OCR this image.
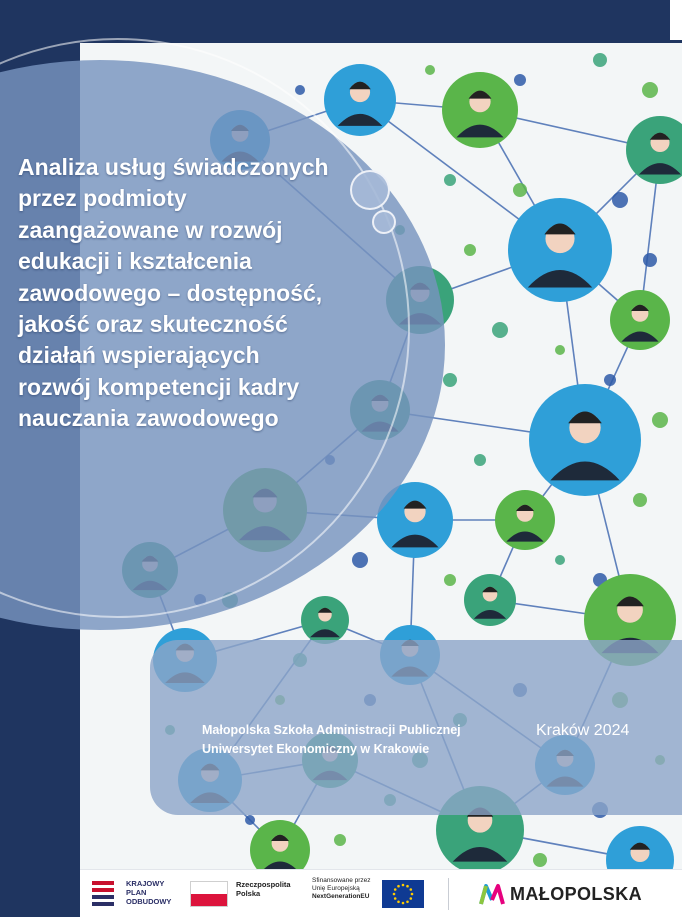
Analiza usług świadczonych
przez podmioty
zaangażowane w rozwój
edukacji i kształcenia
zawodowego – dostępność,
jakość oraz skuteczność
działań wspierających
rozwój kompetencji kadry
nauczania zawodowego
Małopolska Szkoła Administracji Publicznej
Uniwersytet Ekonomiczny w Krakowie
Kraków 2024
KRAJOWY
PLAN
ODBUDOWY
Rzeczpospolita
Polska
Sfinansowane przez
Unię Europejską
NextGenerationEU	MAŁOPOLSKA
